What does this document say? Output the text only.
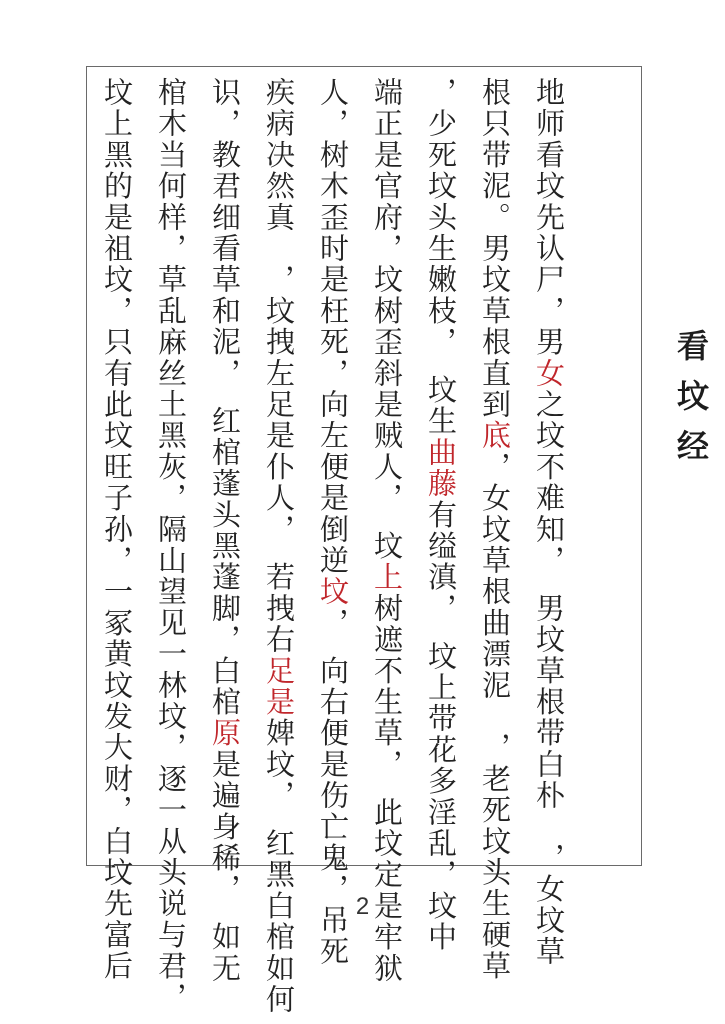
看坟经
地师看坟先认尸，男女之坟不难知，　男坟草根带白朴　，女坟草
根只带泥。男坟草根直到底，女坟草根曲漂泥　，老死坟头生硬草
，少死坟头生嫩枝，　坟生曲藤有缢滇，　坟上带花多淫乱，坟中
端正是官府，坟树歪斜是贼人，　坟上树遮不生草，　此坟定是牢狱
人，树木歪时是枉死，向左便是倒逆坟，　向右便是伤亡鬼，吊死
疾病决然真　，坟拽左足是仆人，　若拽右足是婢坟，　红黑白棺如何
识，教君细看草和泥，　红棺蓬头黑蓬脚，白棺原是遍身稀，　如无
棺木当何样，草乱麻丝土黑灰，隔山望见一林坟，逐一从头说与君，
坟上黑的是祖坟，只有此坟旺子孙，一冢黄坟发大财，白坟先富后	2
